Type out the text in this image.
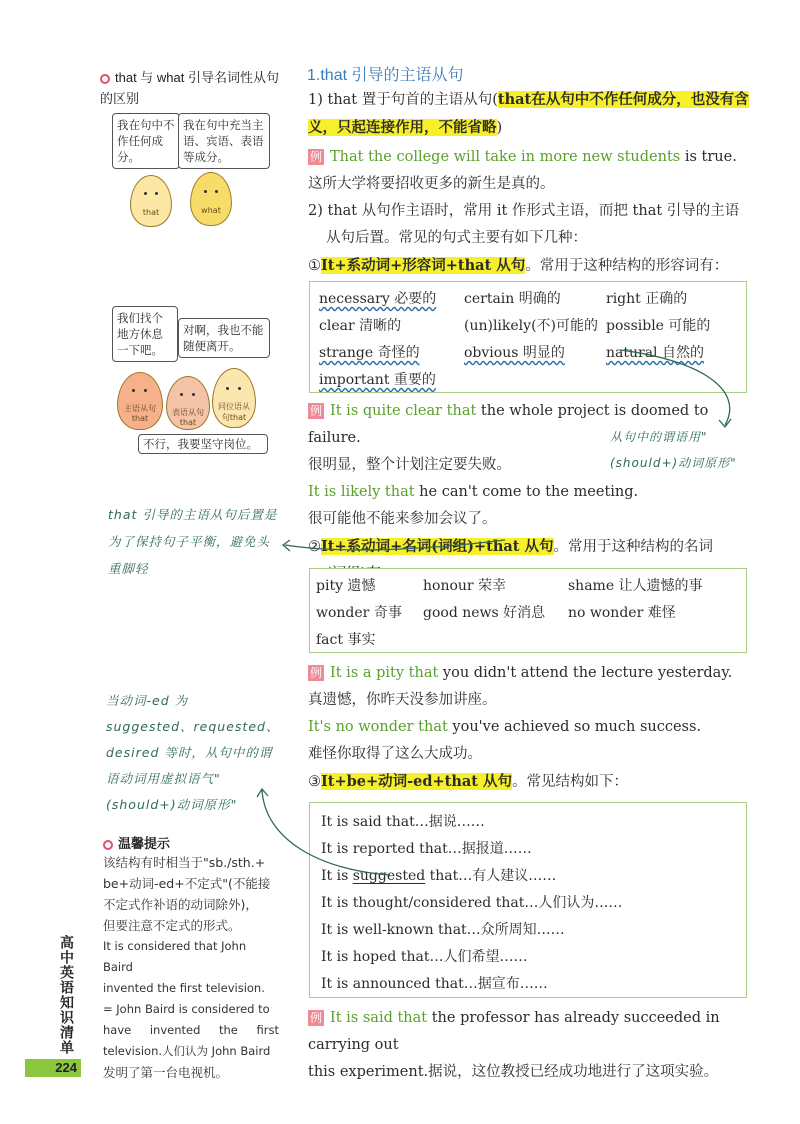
that 与 what 引导名词性从句的区别
我在句中不作任何成分。
我在句中充当主语、宾语、表语等成分。
that	what
我们找个地方休息一下吧。
对啊，我也不能随便离开。
主语从句that
表语从句that
同位语从句that
不行，我要坚守岗位。
that 引导的主语从句后置是为了保持句子平衡，避免头重脚轻
当动词-ed 为 suggested、requested、desired 等时，从句中的谓语动词用虚拟语气"(should+)动词原形"
温馨提示
该结构有时相当于"sb./sth.+
be+动词-ed+不定式"(不能接
不定式作补语的动词除外)，
但要注意不定式的形式。
It is considered that John Baird
invented the first television.
= John Baird is considered to
have invented the first
television.人们认为 John Baird
发明了第一台电视机。
高中英语知识清单
224
1.that 引导的主语从句
1) that 置于句首的主语从句(that在从句中不作任何成分，也没有含义，只起连接作用，不能省略)
例 That the college will take in more new students is true.
这所大学将要招收更多的新生是真的。
2) that 从句作主语时，常用 it 作形式主语，而把 that 引导的主语
从句后置。常见的句式主要有如下几种：
①It+系动词+形容词+that 从句。常用于这种结构的形容词有：
necessary 必要的 certain 明确的	right 正确的
clear 清晰的	(un)likely(不)可能的 possible 可能的
strange 奇怪的	obvious 明显的	natural 自然的
important 重要的
例 It is quite clear that the whole project is doomed to failure.
很明显，整个计划注定要失败。
It is likely that he can't come to the meeting.
很可能他不能来参加会议了。
②It+系动词+名词(词组)+that 从句。常用于这种结构的名词
从句中的谓语用"(should+)动词原形"
pity 遗憾	honour 荣幸	shame 让人遗憾的事
wonder 奇事 good news 好消息 no wonder 难怪
fact 事实
例 It is a pity that you didn't attend the lecture yesterday.
真遗憾，你昨天没参加讲座。
It's no wonder that you've achieved so much success.
难怪你取得了这么大成功。
③It+be+动词-ed+that 从句。常见结构如下：
It is said that…据说……
It is reported that…据报道……
It is suggested that…有人建议……
It is thought/considered that…人们认为……
It is well-known that…众所周知……
It is hoped that…人们希望……
It is announced that…据宣布……
例 It is said that the professor has already succeeded in carrying out
this experiment.据说，这位教授已经成功地进行了这项实验。
